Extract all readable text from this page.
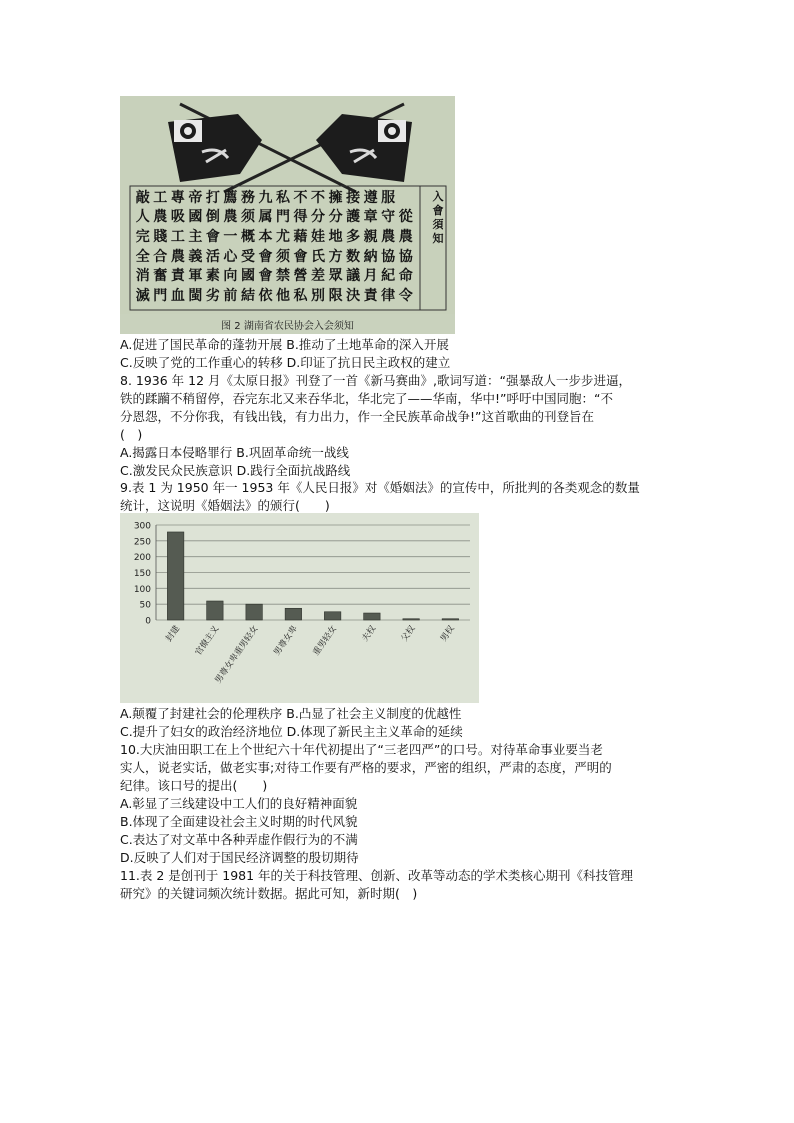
敲 工 專 帝 打 薦 務 九 私 不 不 擁 接 遵 服
人 農 吸 國 倒 農 须 属 門 得 分 分 護 章 守 從
完 賤 工 主 會 一 概 本 尤 藉 娃 地 多 親 農 農
全 合 農 義 活 心 受 會 须 會 氏 方 数 納 協 協
消 奮 責 軍 素 向 國 會 禁 營 差 眾 議 月 紀 命
滅 門 血 閩 劣 前 結 依 他 私 別 限 決 責 律 令
入會須知
图 2 湖南省农民协会入会须知
A.促进了国民革命的蓬勃开展 B.推动了土地革命的深入开展
C.反映了党的工作重心的转移 D.印证了抗日民主政权的建立
8. 1936 年 12 月《太原日报》刊登了一首《新马赛曲》,歌词写道：“强暴敌人一步步进逼，
铁的蹂躏不稍留停，吞完东北又来吞华北，华北完了——华南，华中!”呼吁中国同胞：“不
分恩怨，不分你我，有钱出钱，有力出力，作一全民族革命战争!”这首歌曲的刊登旨在
(　)
A.揭露日本侵略罪行 B.巩固革命统一战线
C.激发民众民族意识 D.践行全面抗战路线
9.表 1 为 1950 年一 1953 年《人民日报》对《婚姻法》的宣传中，所批判的各类观念的数量
统计，这说明《婚姻法》的颁行(　　)
0
50
100
150
200
250
300
封建 官僚主义
男尊女卑重男轻女 男尊女卑 重男轻女	夫权	父权	男权
A.颠覆了封建社会的伦理秩序 B.凸显了社会主义制度的优越性
C.提升了妇女的政治经济地位 D.体现了新民主主义革命的延续
10.大庆油田职工在上个世纪六十年代初提出了“三老四严”的口号。对待革命事业要当老
实人，说老实话，做老实事;对待工作要有严格的要求，严密的组织，严肃的态度，严明的
纪律。该口号的提出(　　)
A.彰显了三线建设中工人们的良好精神面貌
B.体现了全面建设社会主义时期的时代风貌
C.表达了对文革中各种弄虚作假行为的不满
D.反映了人们对于国民经济调整的殷切期待
11.表 2 是创刊于 1981 年的关于科技管理、创新、改革等动态的学术类核心期刊《科技管理
研究》的关键词频次统计数据。据此可知，新时期(　)
